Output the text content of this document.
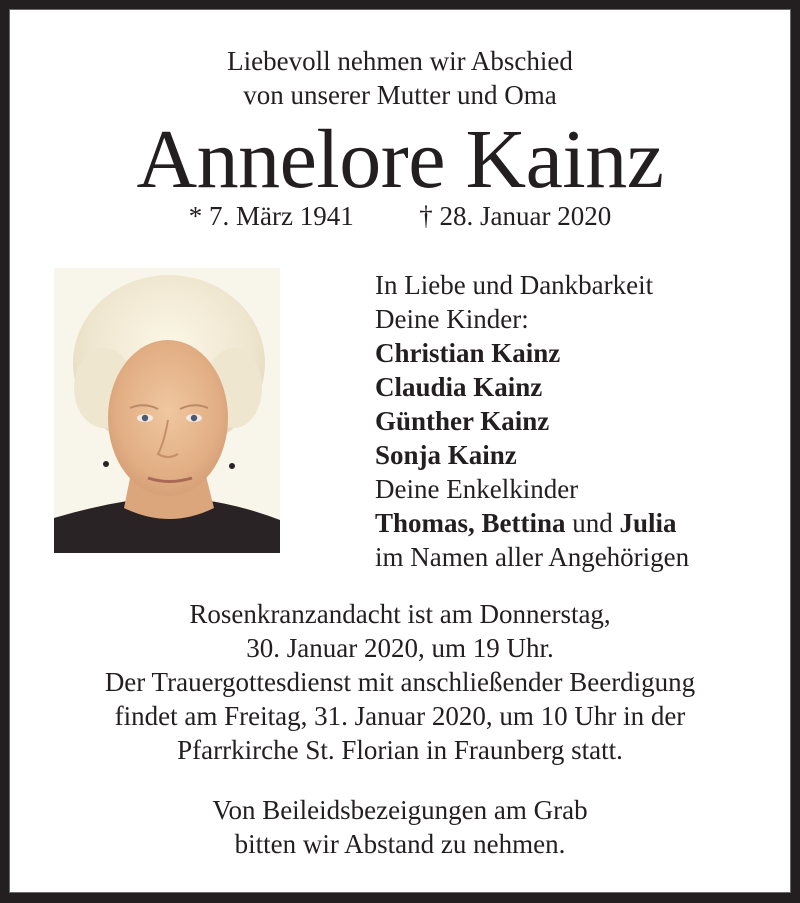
Liebevoll nehmen wir Abschied
von unserer Mutter und Oma
Annelore Kainz
* 7. März 1941 † 28. Januar 2020
In Liebe und Dankbarkeit
Deine Kinder:
Christian Kainz
Claudia Kainz
Günther Kainz
Sonja Kainz
Deine Enkelkinder
Thomas, Bettina und Julia
im Namen aller Angehörigen
Rosenkranzandacht ist am Donnerstag,
30. Januar 2020, um 19 Uhr.
Der Trauergottesdienst mit anschließender Beerdigung
findet am Freitag, 31. Januar 2020, um 10 Uhr in der
Pfarrkirche St. Florian in Fraunberg statt.
Von Beileidsbezeigungen am Grab
bitten wir Abstand zu nehmen.
